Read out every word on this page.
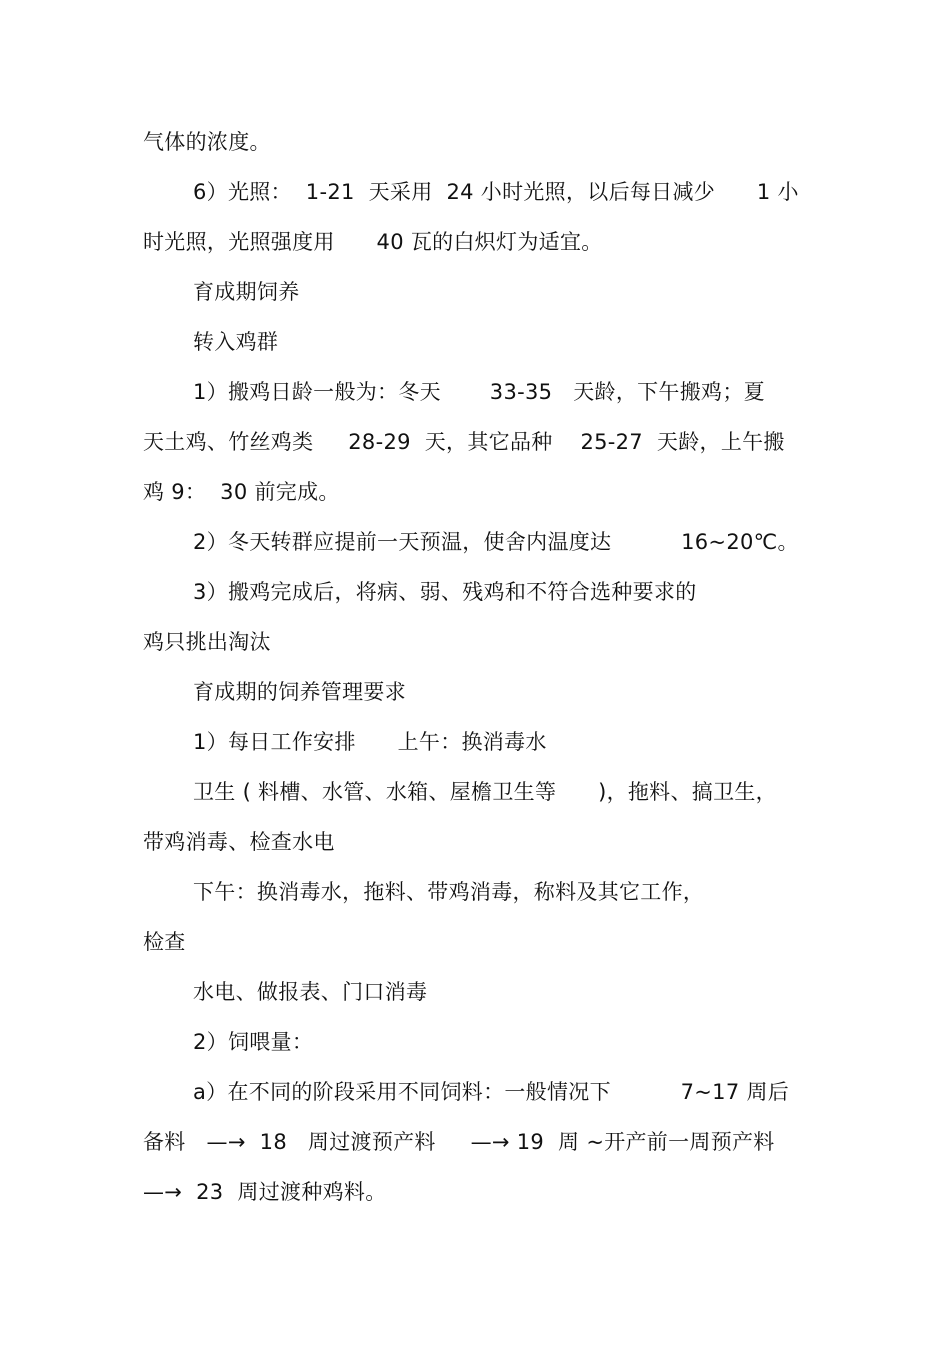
气体的浓度。
6）光照：  1-21  天采用  24 小时光照，以后每日减少      1 小
时光照，光照强度用      40 瓦的白炽灯为适宜。
育成期饲养
转入鸡群
1）搬鸡日龄一般为：冬天       33-35   天龄，下午搬鸡；夏
天土鸡、竹丝鸡类     28-29  天，其它品种    25-27  天龄，上午搬
鸡 9：  30 前完成。
2）冬天转群应提前一天预温，使舍内温度达          16~20℃。
3）搬鸡完成后，将病、弱、残鸡和不符合选种要求的
鸡只挑出淘汰
育成期的饲养管理要求
1）每日工作安排      上午：换消毒水
卫生 ( 料槽、水管、水箱、屋檐卫生等      )，拖料、搞卫生，
带鸡消毒、检查水电
下午：换消毒水，拖料、带鸡消毒，称料及其它工作，
检查
水电、做报表、门口消毒
2）饲喂量：
a）在不同的阶段采用不同饲料：一般情况下          7~17 周后
备料   —→  18   周过渡预产料     —→ 19  周 ~开产前一周预产料
—→  23  周过渡种鸡料。
